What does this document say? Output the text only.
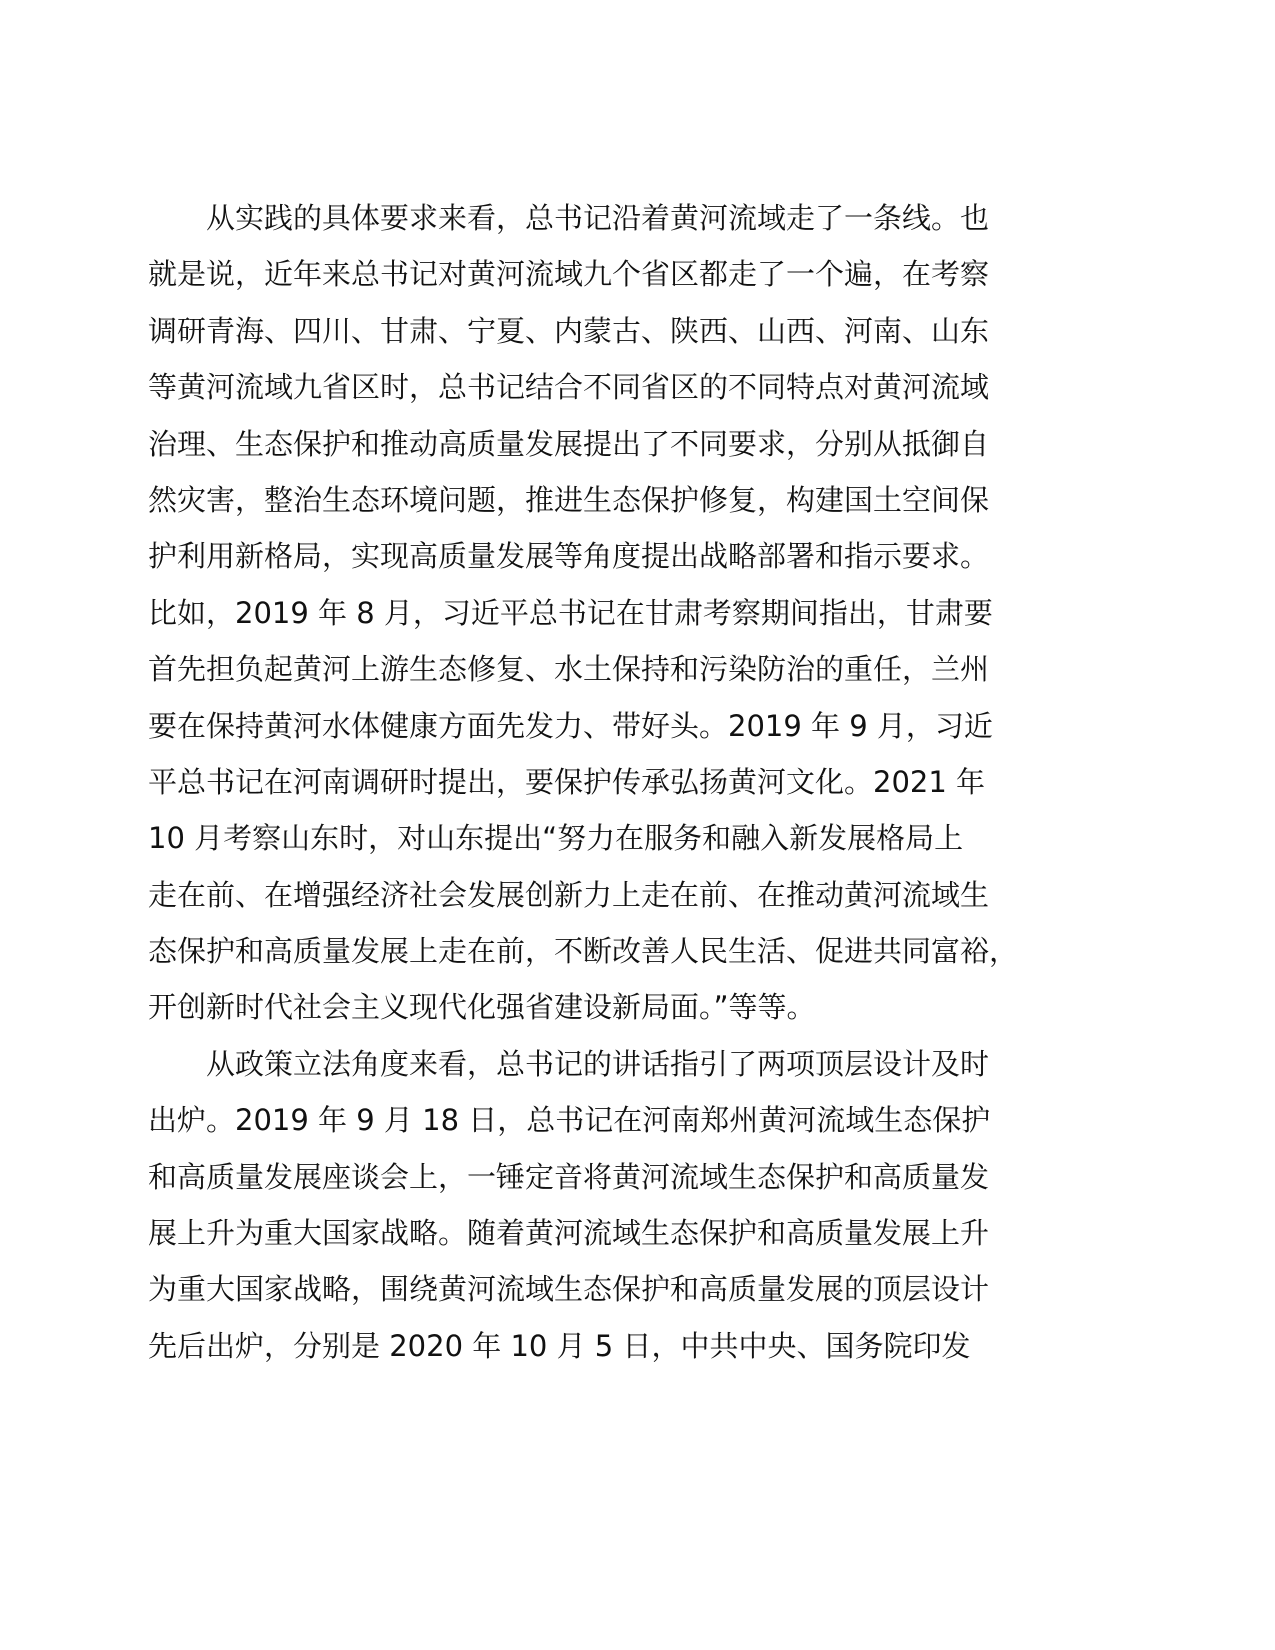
从实践的具体要求来看，总书记沿着黄河流域走了一条线。也
就是说，近年来总书记对黄河流域九个省区都走了一个遍，在考察
调研青海、四川、甘肃、宁夏、内蒙古、陕西、山西、河南、山东
等黄河流域九省区时，总书记结合不同省区的不同特点对黄河流域
治理、生态保护和推动高质量发展提出了不同要求，分别从抵御自
然灾害，整治生态环境问题，推进生态保护修复，构建国土空间保
护利用新格局，实现高质量发展等角度提出战略部署和指示要求。
比如，2019 年 8 月，习近平总书记在甘肃考察期间指出，甘肃要
首先担负起黄河上游生态修复、水土保持和污染防治的重任，兰州
要在保持黄河水体健康方面先发力、带好头。2019 年 9 月，习近
平总书记在河南调研时提出，要保护传承弘扬黄河文化。2021 年
10 月考察山东时，对山东提出“努力在服务和融入新发展格局上
走在前、在增强经济社会发展创新力上走在前、在推动黄河流域生
态保护和高质量发展上走在前，不断改善人民生活、促进共同富裕，
开创新时代社会主义现代化强省建设新局面。”等等。
从政策立法角度来看，总书记的讲话指引了两项顶层设计及时
出炉。2019 年 9 月 18 日，总书记在河南郑州黄河流域生态保护
和高质量发展座谈会上，一锤定音将黄河流域生态保护和高质量发
展上升为重大国家战略。随着黄河流域生态保护和高质量发展上升
为重大国家战略，围绕黄河流域生态保护和高质量发展的顶层设计
先后出炉，分别是 2020 年 10 月 5 日，中共中央、国务院印发
